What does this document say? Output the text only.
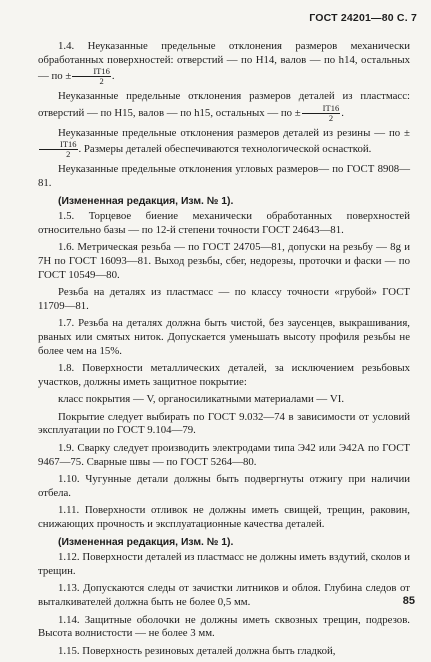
ГОСТ 24201—80 С. 7

1.4. Неуказанные предельные отклонения размеров механически обработанных поверхностей: отверстий — по H14, валов — по h14, остальных — по ± $\frac{IT16}{2}$ .

Неуказанные предельные отклонения размеров деталей из пластмасс: отверстий — по H15, валов — по h15, остальных — по ± $\frac{IT16}{2}$ .

Неуказанные предельные отклонения размеров деталей из резины — по ±
$\frac{IT16}{2}$ . Размеры деталей обеспечиваются технологической оснасткой.

Неуказанные предельные отклонения угловых размеров— по ГОСТ 8908—81.

(Измененная редакция, Изм. № 1).

1.5. Торцевое биение механически обработанных поверхностей относительно базы — по 12-й степени точности ГОСТ 24643—81.

1.6. Метрическая резьба — по ГОСТ 24705—81, допуски на резьбу — 8g и 7H по ГОСТ 16093—81. Выход резьбы, сбег, недорезы, проточки и фаски — по ГОСТ 10549—80.

Резьба на деталях из пластмасс — по классу точности «грубой» ГОСТ 11709—81.

1.7. Резьба на деталях должна быть чистой, без заусенцев, выкрашивания, рваных или смятых ниток. Допускается уменьшать высоту профиля резьбы не более чем на 15%.

1.8. Поверхности металлических деталей, за исключением резьбовых участков, должны иметь защитное покрытие:

класс покрытия — V, органосиликатными материалами — VI.

Покрытие следует выбирать по ГОСТ 9.032—74 в зависимости от условий эксплуатации по ГОСТ 9.104—79.

1.9. Сварку следует производить электродами типа Э42 или Э42А по ГОСТ 9467—75. Сварные швы — по ГОСТ 5264—80.

1.10. Чугунные детали должны быть подвергнуты отжигу при наличии отбела.

1.11. Поверхности отливок не должны иметь свищей, трещин, раковин, снижающих прочность и эксплуатационные качества деталей.

(Измененная редакция, Изм. № 1).

1.12. Поверхности деталей из пластмасс не должны иметь вздутий, сколов и трещин.

1.13. Допускаются следы от зачистки литников и облоя. Глубина следов от выталкивателей должна быть не более 0,5 мм.

1.14. Защитные оболочки не должны иметь сквозных трещин, подрезов. Высота волнистости — не более 3 мм.

1.15. Поверхность резиновых деталей должна быть гладкой,

85
